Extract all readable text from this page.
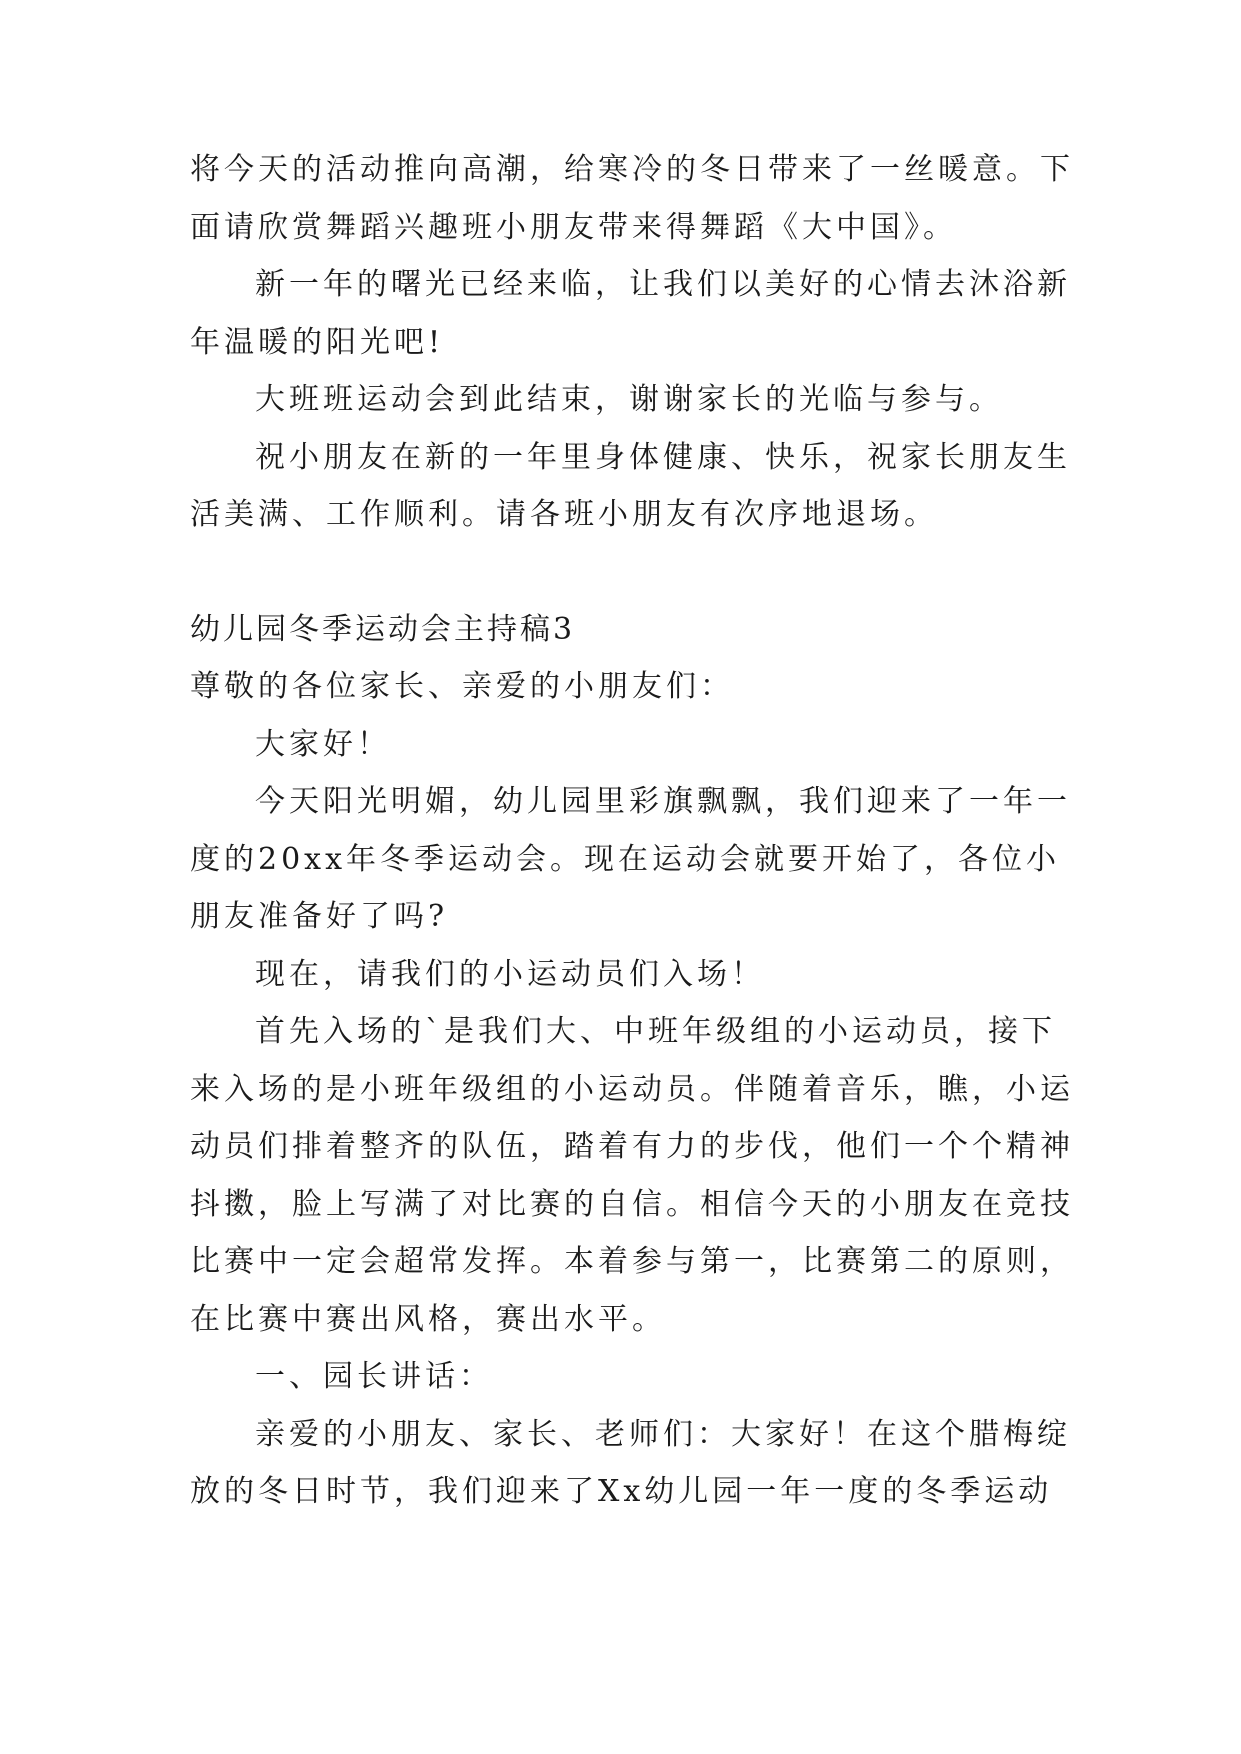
将今天的活动推向高潮，给寒冷的冬日带来了一丝暖意。下
面请欣赏舞蹈兴趣班小朋友带来得舞蹈《大中国》。
新一年的曙光已经来临，让我们以美好的心情去沐浴新
年温暖的阳光吧!
大班班运动会到此结束，谢谢家长的光临与参与。
祝小朋友在新的一年里身体健康、快乐，祝家长朋友生
活美满、工作顺利。请各班小朋友有次序地退场。
幼儿园冬季运动会主持稿3
尊敬的各位家长、亲爱的小朋友们：
大家好！
今天阳光明媚，幼儿园里彩旗飘飘，我们迎来了一年一
度的20xx年冬季运动会。现在运动会就要开始了，各位小
朋友准备好了吗?
现在，请我们的小运动员们入场！
首先入场的`是我们大、中班年级组的小运动员，接下
来入场的是小班年级组的小运动员。伴随着音乐，瞧，小运
动员们排着整齐的队伍，踏着有力的步伐，他们一个个精神
抖擞，脸上写满了对比赛的自信。相信今天的小朋友在竞技
比赛中一定会超常发挥。本着参与第一，比赛第二的原则，
在比赛中赛出风格，赛出水平。
一、园长讲话：
亲爱的小朋友、家长、老师们：大家好！在这个腊梅绽
放的冬日时节，我们迎来了Xx幼儿园一年一度的冬季运动
